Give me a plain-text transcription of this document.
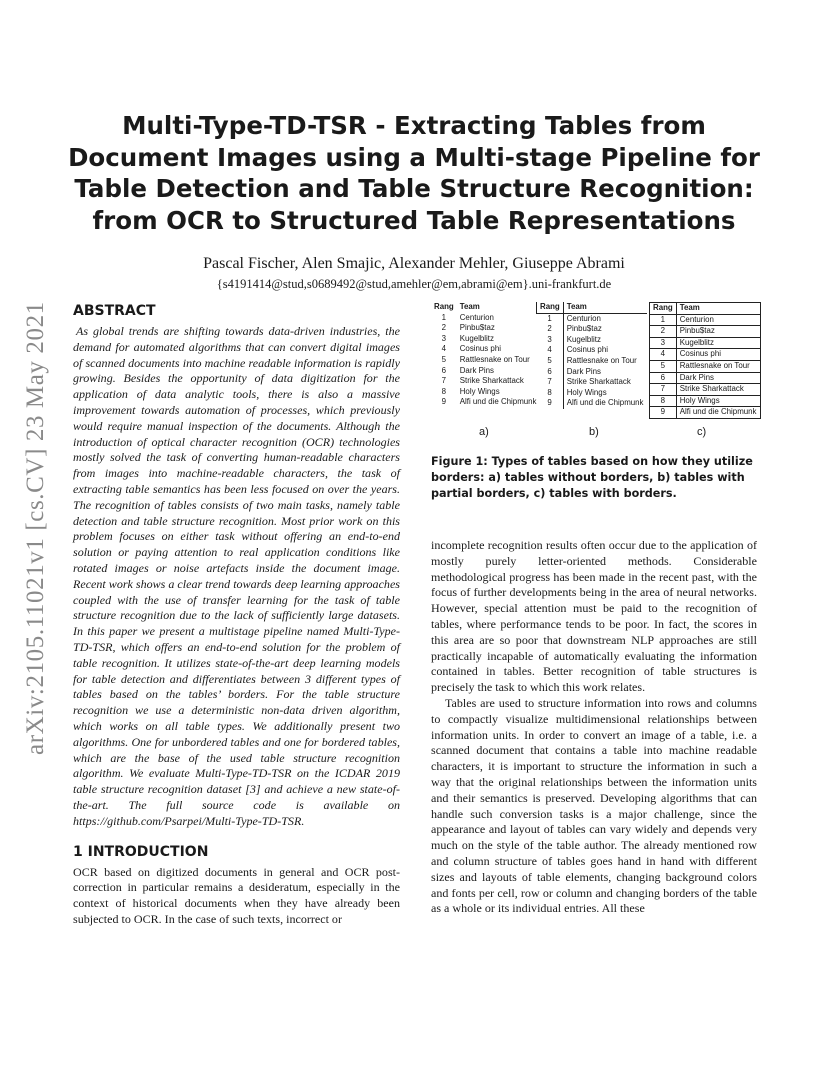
arXiv:2105.11021v1 [cs.CV] 23 May 2021
Multi-Type-TD-TSR - Extracting Tables from Document Images using a Multi-stage Pipeline for Table Detection and Table Structure Recognition: from OCR to Structured Table Representations
Pascal Fischer, Alen Smajic, Alexander Mehler, Giuseppe Abrami
{s4191414@stud,s0689492@stud,amehler@em,abrami@em}.uni-frankfurt.de
ABSTRACT

As global trends are shifting towards data-driven industries, the demand for automated algorithms that can convert digital images of scanned documents into machine readable information is rapidly growing. Besides the opportunity of data digitization for the application of data analytic tools, there is also a massive improvement towards automation of processes, which previously would require manual inspection of the documents. Although the introduction of optical character recognition (OCR) technologies mostly solved the task of converting human-readable characters from images into machine-readable characters, the task of extracting table semantics has been less focused on over the years. The recognition of tables consists of two main tasks, namely table detection and table structure recognition. Most prior work on this problem focuses on either task without offering an end-to-end solution or paying attention to real application conditions like rotated images or noise artefacts inside the document image. Recent work shows a clear trend towards deep learning approaches coupled with the use of transfer learning for the task of table structure recognition due to the lack of sufficiently large datasets. In this paper we present a multistage pipeline named Multi-Type-TD-TSR, which offers an end-to-end solution for the problem of table recognition. It utilizes state-of-the-art deep learning models for table detection and differentiates between 3 different types of tables based on the tables’ borders. For the table structure recognition we use a deterministic non-data driven algorithm, which works on all table types. We additionally present two algorithms. One for unbordered tables and one for bordered tables, which are the base of the used table structure recognition algorithm. We evaluate Multi-Type-TD-TSR on the ICDAR 2019 table structure recognition dataset [3] and achieve a new state-of-the-art. The full source code is available on https://github.com/Psarpei/Multi-Type-TD-TSR.

1 INTRODUCTION

OCR based on digitized documents in general and OCR post-correction in particular remains a desideratum, especially in the context of historical documents when they have already been subjected to OCR. In the case of such texts, incorrect or

Rang	Team
1	Centurion
2	Pinbu$taz
3	Kugelblitz
4	Cosinus phi
5	Rattlesnake on Tour
6	Dark Pins
7	Strike Sharkattack
8	Holy Wings
9	Alfi und die Chipmunk
Rang	Team
1	Centurion
2	Pinbu$taz
3	Kugelblitz
4	Cosinus phi
5	Rattlesnake on Tour
6	Dark Pins
7	Strike Sharkattack
8	Holy Wings
9	Alfi und die Chipmunk
Rang	Team
1	Centurion
2	Pinbu$taz
3	Kugelblitz
4	Cosinus phi
5	Rattlesnake on Tour
6	Dark Pins
7	Strike Sharkattack
8	Holy Wings
9	Alfi und die Chipmunk
a)	b)	c)

Figure 1: Types of tables based on how they utilize borders: a) tables without borders, b) tables with partial borders, c) tables with borders.

incomplete recognition results often occur due to the application of mostly purely letter-oriented methods. Considerable methodological progress has been made in the recent past, with the focus of further developments being in the area of neural networks. However, special attention must be paid to the recognition of tables, where performance tends to be poor. In fact, the scores in this area are so poor that downstream NLP approaches are still practically incapable of automatically evaluating the information contained in tables. Better recognition of table structures is precisely the task to which this work relates.

Tables are used to structure information into rows and columns to compactly visualize multidimensional relationships between information units. In order to convert an image of a table, i.e. a scanned document that contains a table into machine readable characters, it is important to structure the information in such a way that the original relationships between the information units and their semantics is preserved. Developing algorithms that can handle such conversion tasks is a major challenge, since the appearance and layout of tables can vary widely and depends very much on the style of the table author. The already mentioned row and column structure of tables goes hand in hand with different sizes and layouts of table elements, changing background colors and fonts per cell, row or column and changing borders of the table as a whole or its individual entries. All these
